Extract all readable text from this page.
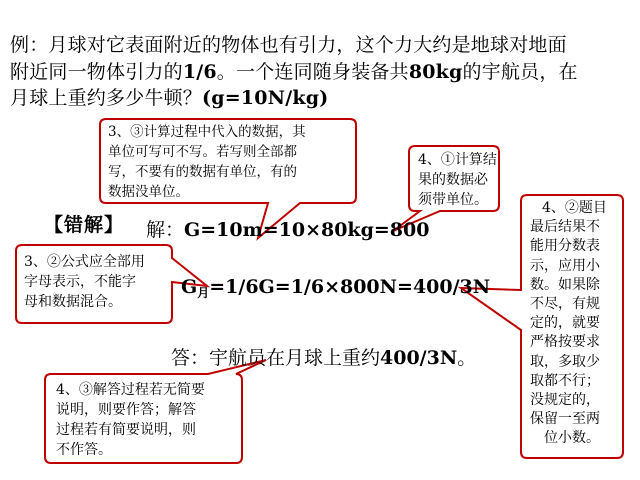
例：月球对它表面附近的物体也有引力，这个力大约是地球对地面
附近同一物体引力的1/6。一个连同随身装备共80kg的宇航员，在
月球上重约多少牛顿？(g=10N/kg)
3、③计算过程中代入的数据，其
单位可写可不写。若写则全部都
写，不要有的数据有单位，有的
数据没单位。
4、①计算结
果的数据必
须带单位。
3、②公式应全部用
字母表示，不能字
母和数据混合。
4、②题目
最后结果不
能用分数表
示，应用小
数。如果除
不尽，有规
定的，就要
严格按要求
取，多取少
取都不行；
没规定的，
保留一至两
位小数。
4、③解答过程若无简要
说明，则要作答；解答
过程若有简要说明，则
不作答。
【错解】 解：G=10m=10×80kg=800
$G_月=1/6G=1/6\times 800N=400/3N$
答：宇航员在月球上重约400/3N。
